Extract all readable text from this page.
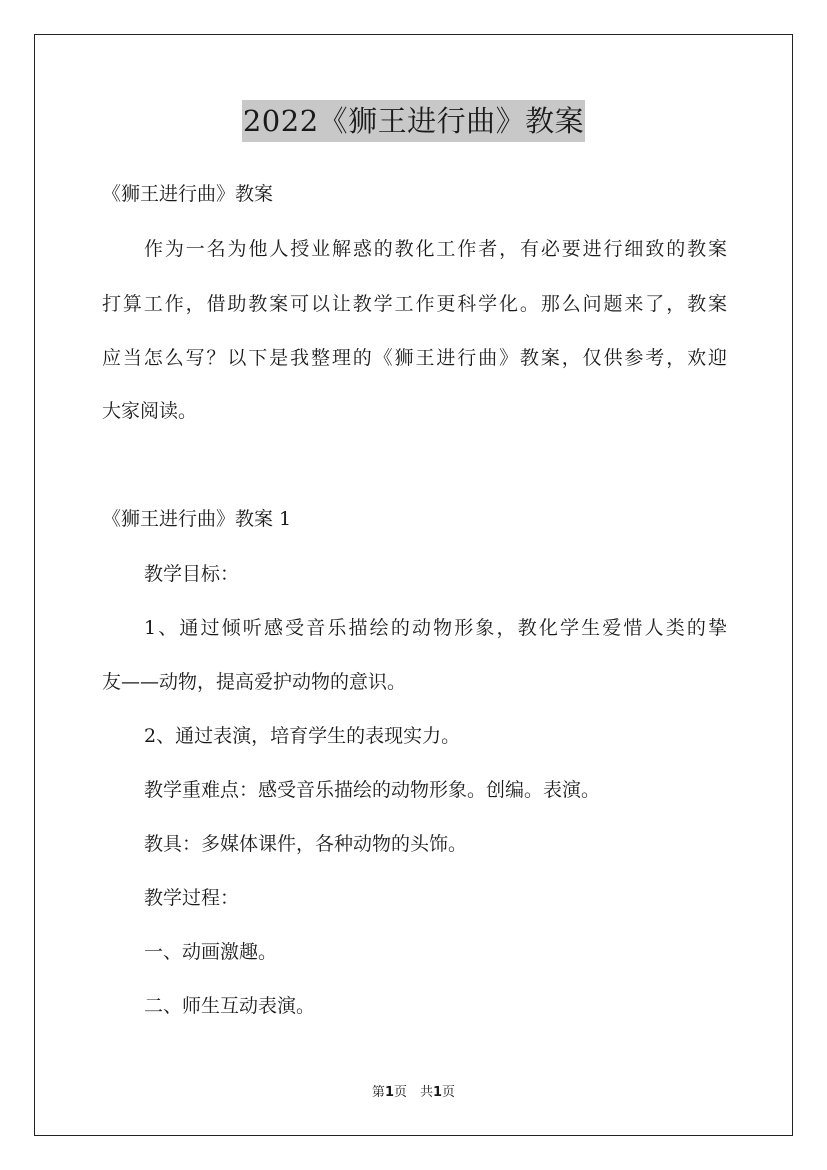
2022《狮王进行曲》教案
《狮王进行曲》教案
作为一名为他人授业解惑的教化工作者，有必要进行细致的教案
打算工作，借助教案可以让教学工作更科学化。那么问题来了，教案
应当怎么写？以下是我整理的《狮王进行曲》教案，仅供参考，欢迎
大家阅读。
《狮王进行曲》教案 1
教学目标：
1、通过倾听感受音乐描绘的动物形象，教化学生爱惜人类的挚
友——动物，提高爱护动物的意识。
2、通过表演，培育学生的表现实力。
教学重难点：感受音乐描绘的动物形象。创编。表演。
教具：多媒体课件，各种动物的头饰。
教学过程：
一、动画激趣。
二、师生互动表演。
第1页　共1页
